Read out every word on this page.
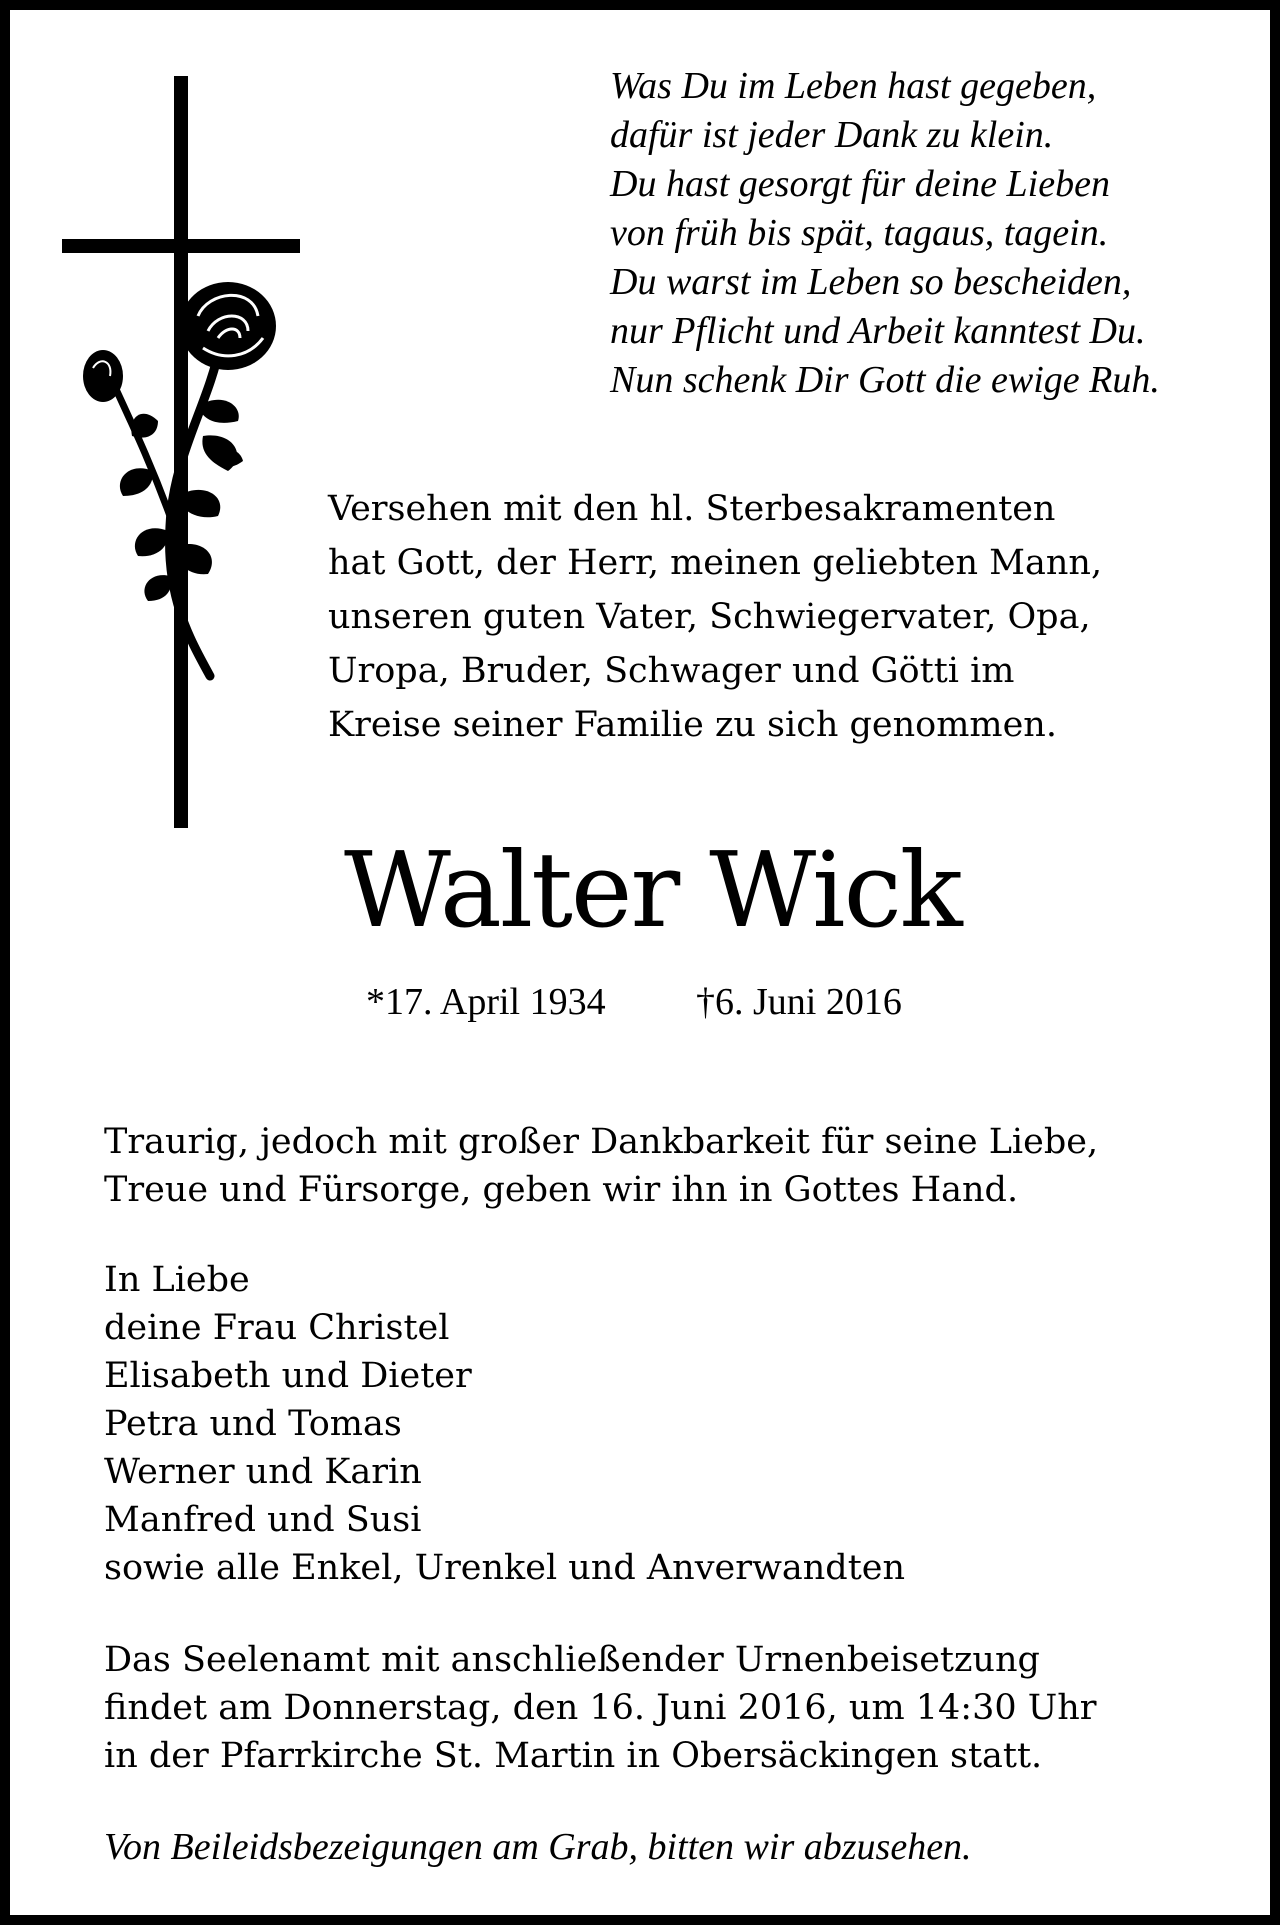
Was Du im Leben hast gegeben,
dafür ist jeder Dank zu klein.
Du hast gesorgt für deine Lieben
von früh bis spät, tagaus, tagein.
Du warst im Leben so bescheiden,
nur Pflicht und Arbeit kanntest Du.
Nun schenk Dir Gott die ewige Ruh.
Versehen mit den hl. Sterbesakramenten
hat Gott, der Herr, meinen geliebten Mann,
unseren guten Vater, Schwiegervater, Opa,
Uropa, Bruder, Schwager und Götti im
Kreise seiner Familie zu sich genommen.
Walter Wick
*17. April 1934 †6. Juni 2016
Traurig, jedoch mit großer Dankbarkeit für seine Liebe,
Treue und Fürsorge, geben wir ihn in Gottes Hand.
In Liebe
deine Frau Christel
Elisabeth und Dieter
Petra und Tomas
Werner und Karin
Manfred und Susi
sowie alle Enkel, Urenkel und Anverwandten
Das Seelenamt mit anschließender Urnenbeisetzung
findet am Donnerstag, den 16. Juni 2016, um 14:30 Uhr
in der Pfarrkirche St. Martin in Obersäckingen statt.
Von Beileidsbezeigungen am Grab, bitten wir abzusehen.
